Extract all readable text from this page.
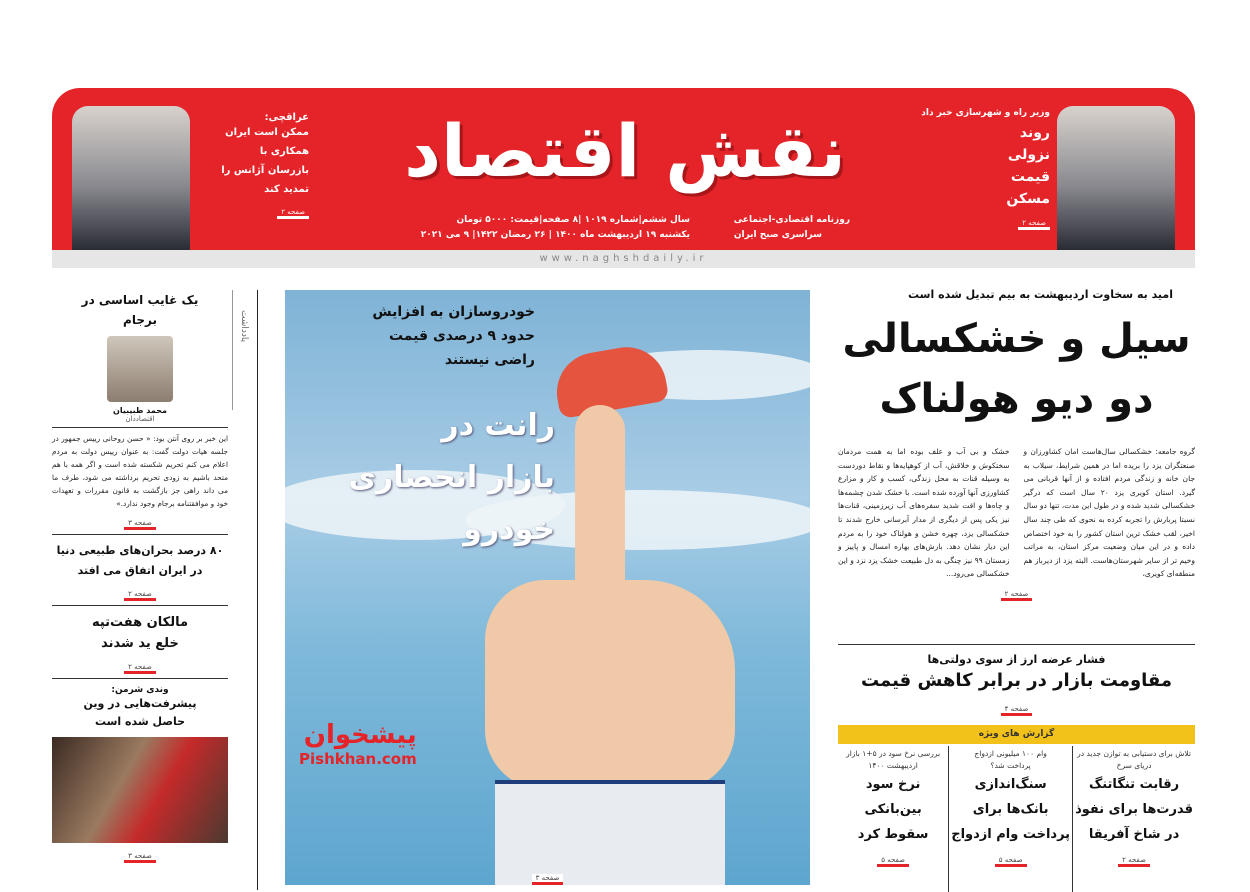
نقش اقتصاد
روزنامه اقتصادی-اجتماعی
سراسری صبح ایران
سال ششم|شماره ۱۰۱۹ |۸ صفحه|قیمت: ۵۰۰۰ تومان
یکشنبه ۱۹ اردیبهشت ماه ۱۴۰۰ | ۲۶ رمضان ۱۴۲۲| ۹ می ۲۰۲۱
www.naghshdaily.ir
وزیر راه و شهرسازی خبر داد
روند
نزولی
قیمت
مسکن
صفحه ۲
عراقچی:
ممکن است ایران
همکاری با
بازرسان آژانس را
تمدید کند
صفحه ۲
یک غایب اساسی در برجام
محمد طبیبیان
اقتصاددان
این خبر بر روی آنتن بود: « حسن روحانی رییس جمهور در جلسه هیات دولت گفت: به عنوان رییس دولت به مردم اعلام می کنم تحریم شکسته شده است و اگر همه با هم متحد باشیم به زودی تحریم برداشته می شود، طرف ما می داند راهی جز بازگشت به قانون مقررات و تعهدات خود و موافقتنامه برجام وجود ندارد.»
صفحه ۳
۸۰ درصد بحران‌های طبیعی دنیا در ایران اتفاق می افتد
صفحه ۲
مالکان هفت‌تپه خلع ید شدند
صفحه ۲
وندی شرمن:
پیشرفت‌هایی در وین حاصل شده است
صفحه ۳
یادداشت	خودروسازان به افزایش
حدود ۹ درصدی قیمت
راضی نیستند
رانت در
بازار انحصاری
خودرو
پیشخوان
Pishkhan.com
صفحه ۳
امید به سخاوت اردیبهشت به بیم تبدیل شده است
سیل و خشکسالی
دو دیو هولناک
گروه جامعه: خشکسالی سال‌هاست امان کشاورزان و صنعتگران یزد را بریده اما در همین شرایط، سیلاب به جان خانه و زندگی مردم افتاده و از آنها قربانی می گیرد. استان کویری یزد ۲۰ سال است که درگیر خشکسالی شدید شده و در طول این مدت، تنها دو سال نسبتا پربارش را تجربه کرده به نحوی که طی چند سال اخیر، لقب خشک ترین استان کشور را به خود اختصاص داده و در این میان وضعیت مرکز استان، به مراتب وخیم تر از سایر شهرستان‌هاست. البته یزد از دیرباز هم منطقه‌ای کویری،
خشک و بی آب و علف بوده اما به همت مردمان سختکوش و خلاقش، آب از کوهپایه‌ها و نقاط دوردست به وسیله قنات به محل زندگی، کسب و کار و مزارع کشاورزی آنها آورده شده است. با خشک شدن چشمه‌ها و چاه‌ها و افت شدید سفره‌های آب زیرزمینی، قنات‌ها نیز یکی پس از دیگری از مدار آبرسانی خارج شدند تا خشکسالی یزد، چهره خشن و هولناک خود را به مردم این دیار نشان دهد. بارش‌های بهاره امسال و پاییز و زمستان ۹۹ نیز چنگی به دل طبیعت خشک یزد نزد و این خشکسالی می‌رود...
صفحه ۲
فشار عرضه ارز از سوی دولتی‌ها
مقاومت بازار در برابر کاهش قیمت
صفحه ۴
گزارش های ویژه
تلاش برای دستیابی به توازن جدید در دریای سرخ
رقابت تنگاتنگ
قدرت‌ها برای نفوذ
در شاخ آفریقا
صفحه ۲
وام ۱۰۰ میلیونی ازدواج پرداخت شد؟
سنگ‌اندازی
بانک‌ها برای
پرداخت وام ازدواج
صفحه ۵
بررسی نرخ سود در ۵+۱ بازار اردیبهشت ۱۴۰۰
نرخ سود
بین‌بانکی
سقوط کرد
صفحه ۵
